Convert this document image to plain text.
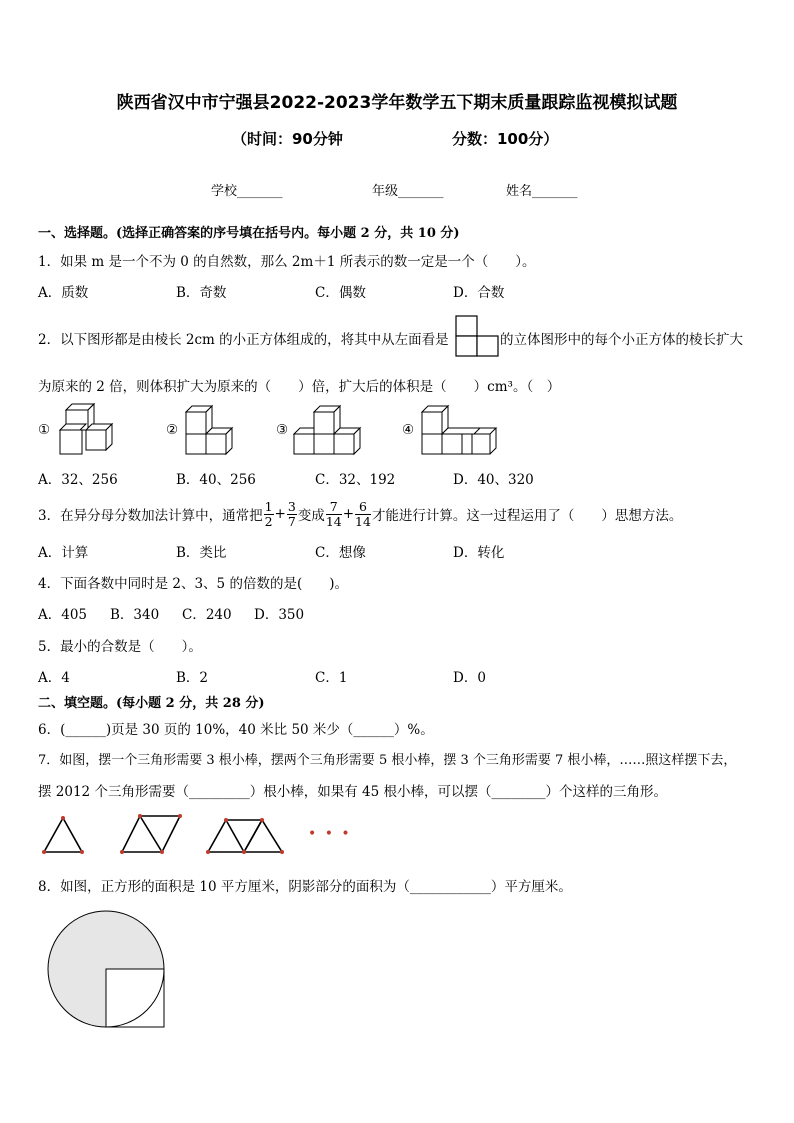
陕西省汉中市宁强县2022-2023学年数学五下期末质量跟踪监视模拟试题
（时间：90分钟	分数：100分）
学校_______	年级_______	姓名_______
一、选择题。(选择正确答案的序号填在括号内。每小题 2 分，共 10 分)
1．如果 m 是一个不为 0 的自然数，那么 2m＋1 所表示的数一定是一个（　　）。
A．质数	B．奇数	C．偶数	D．合数
2．以下图形都是由棱长 2cm 的小正方体组成的，将其中从左面看是	的立体图形中的每个小正方体的棱长扩大
为原来的 2 倍，则体积扩大为原来的（　　）倍，扩大后的体积是（　　）cm³。（　）
①	②	③	④
A．32、256	B．40、256	C．32、192	D．40、320
3．在异分母分数加法计算中，通常把 $\frac{1}{2} + \frac{3}{7}$ 变成 $\frac{7}{14} + \frac{6}{14}$ 才能进行计算。这一过程运用了（　　）思想方法。
A．计算	B．类比	C．想像	D．转化
4．下面各数中同时是 2、3、5 的倍数的是(　　)。
A．405 B．340 C．240 D．350
5．最小的合数是（　　）。
A．4	B．2	C．1	D．0
二、填空题。(每小题 2 分，共 28 分)
6．(______)页是 30 页的 10%，40 米比 50 米少（______）%。
7．如图，摆一个三角形需要 3 根小棒，摆两个三角形需要 5 根小棒，摆 3 个三角形需要 7 根小棒，……照这样摆下去，
摆 2012 个三角形需要（_________）根小棒，如果有 45 根小棒，可以摆（________）个这样的三角形。
• • •
8．如图，正方形的面积是 10 平方厘米，阴影部分的面积为（____________）平方厘米。
